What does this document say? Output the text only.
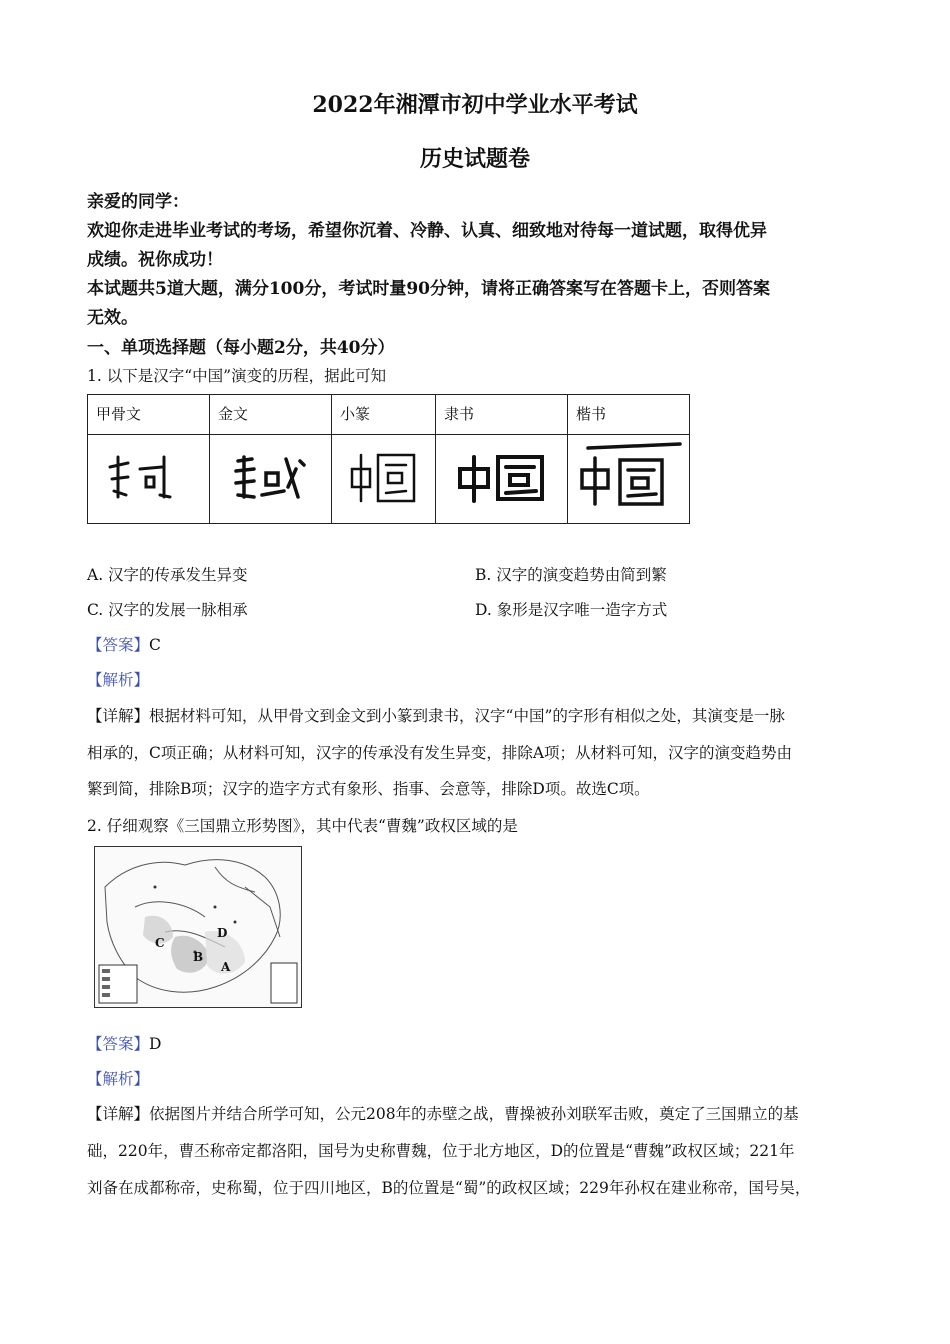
2022年湘潭市初中学业水平考试
历史试题卷
亲爱的同学：
欢迎你走进毕业考试的考场，希望你沉着、冷静、认真、细致地对待每一道试题，取得优异
成绩。祝你成功！
本试题共5道大题，满分100分，考试时量90分钟，请将正确答案写在答题卡上，否则答案
无效。
一、单项选择题（每小题2分，共40分）
1. 以下是汉字“中国”演变的历程，据此可知
甲骨文	金文	小篆	隶书	楷书

A. 汉字的传承发生异变	B. 汉字的演变趋势由简到繁
C. 汉字的发展一脉相承	D. 象形是汉字唯一造字方式
【答案】C
【解析】
【详解】根据材料可知，从甲骨文到金文到小篆到隶书，汉字“中国”的字形有相似之处，其演变是一脉
相承的，C项正确；从材料可知，汉字的传承没有发生异变，排除A项；从材料可知，汉字的演变趋势由
繁到简，排除B项；汉字的造字方式有象形、指事、会意等，排除D项。故选C项。
2. 仔细观察《三国鼎立形势图》，其中代表“曹魏”政权区域的是
C
B
A
D
【答案】D
【解析】
【详解】依据图片并结合所学可知，公元208年的赤壁之战，曹操被孙刘联军击败，奠定了三国鼎立的基
础，220年，曹丕称帝定都洛阳，国号为史称曹魏，位于北方地区，D的位置是“曹魏”政权区域；221年
刘备在成都称帝，史称蜀，位于四川地区，B的位置是“蜀”的政权区域；229年孙权在建业称帝，国号吴，
